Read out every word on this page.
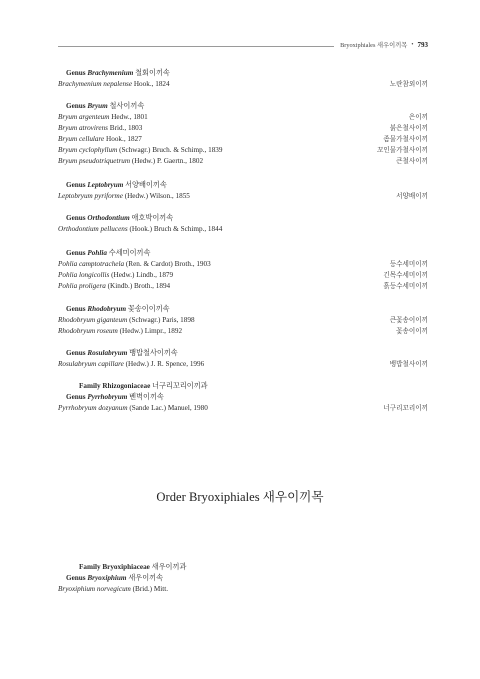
Bryoxiphiales 새우이끼목 • 793
Genus Brachymenium 철회이끼속
Brachymenium nepalense Hook., 1824	노란참외이끼
Genus Bryum 철사이끼속
Bryum argenteum Hedw., 1801	은이끼
Bryum atrovirens Brid., 1803	붉은철사이끼
Bryum cellulare Hook., 1827	좀물가철사이끼
Bryum cyclophyllum (Schwagr.) Bruch. & Schimp., 1839	꼬인물가철사이끼
Bryum pseudotriquetrum (Hedw.) P. Gaertn., 1802	큰철사이끼
Genus Leptobryum 서양배이끼속
Leptobryum pyriforme (Hedw.) Wilson., 1855	서양배이끼
Genus Orthodontium 애호박이끼속
Orthodontium pellucens (Hook.) Bruch & Schimp., 1844
Genus Pohlia 수세미이끼속
Pohlia camptotrachela (Ren. & Cardot) Broth., 1903	등수세미이끼
Pohlia longicollis (Hedw.) Lindb., 1879	긴목수세미이끼
Pohlia proligera (Kindb.) Broth., 1894	흙등수세미이끼
Genus Rhodobryum 꽃송이이끼속
Rhodobryum giganteum (Schwagr.) Paris, 1898	큰꽃송이이끼
Rhodobryum roseum (Hedw.) Limpr., 1892	꽃송이이끼
Genus Rosulabryum 뱅밥철사이끼속
Rosulabryum capillare (Hedw.) J. R. Spence, 1996	뱅밥철사이끼
Family Rhizogoniaceae 너구리꼬리이끼과
Genus Pyrrhobryum 벤벽이끼속
Pyrrhobryum dozyanum (Sande Lac.) Manuel, 1980	너구리꼬리이끼
Order Bryoxiphiales 새우이끼목
Family Bryoxiphiaceae 새우이끼과
Genus Bryoxiphium 새우이끼속
Bryoxiphium norvegicum (Brid.) Mitt.
